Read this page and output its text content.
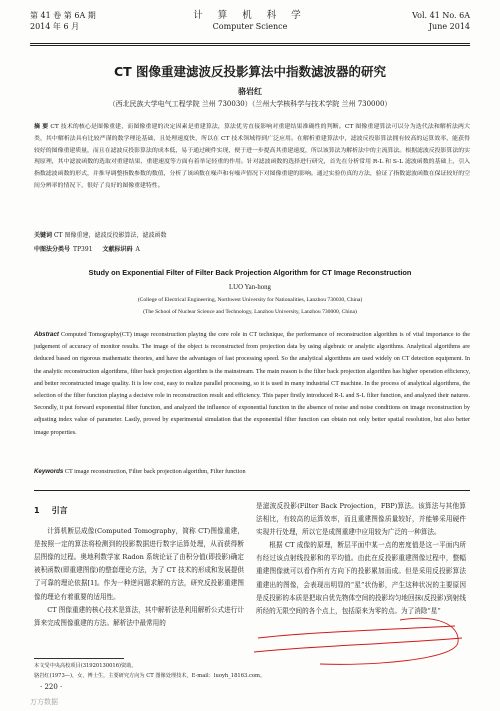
第 41 卷 第 6A 期
2014 年 6 月
计 算 机 科 学
Computer Science
Vol. 41 No. 6A
June 2014
CT 图像重建滤波反投影算法中指数滤波器的研究
骆岩红
（西北民族大学电气工程学院 兰州 730030）（兰州大学核科学与技术学院 兰州 730000）
摘 要 CT 技术的核心是图像重建，而图像重建的决定因素是重建算法，算法优劣直接影响对重建结果准确性的判断。CT 图像重建算法可以分为迭代法和解析法两大类，其中解析法具有比较严谨的数学理论基础，且处理速度快，所以在 CT 技术领域得到广泛应用。在解析重建算法中，滤波反投影算法拥有较高的运算效率，能获得较好的图像重建质量，而且在滤波反投影算法的成本低，易于通过硬件实现，便于进一步提高其重建速度，所以该算法为解析法中的主流算法。根据滤波反投影算法的实现原理，其中滤波函数的选取对重建结果、重建速度等方面有着举足轻重的作用。针对滤波函数的选择进行研究，首先在分析常用 R-L 和 S-L 滤波函数的基础上，引入指数滤波函数的形式，并推导调整指数参数的数值，分析了该函数在噪声和有噪声情况下对图像重建的影响。通过实验仿真的方法，验证了指数滤波函数在保证较好的空间分辨率的情况下，很好了良好的图像重建特性。
关键词 CT 图像重建，滤波反投影算法，滤波函数
中图法分类号 TP391 文献标识码 A
Study on Exponential Filter of Filter Back Projection Algorithm for CT Image Reconstruction
LUO Yan-hong
(College of Electrical Engineering, Northwest University for Nationalities, Lanzhou 730030, China)
(The School of Nuclear Science and Technology, Lanzhou University, Lanzhou 730000, China)
Abstract Computed Tomography(CT) image reconstruction playing the core role in CT technique, the performance of reconstruction algorithm is of vital importance to the judgement of accuracy of monitor results. The image of the object is reconstructed from projection data by using algebraic or analytic algorithms. Analytical algorithms are deduced based on rigorous mathematic theories, and have the advantages of fast processing speed. So the analytical algorithms are used widely on CT detection equipment. In the analytic reconstruction algorithms, filter back projection algorithm is the mainstream. The main reason is the filter back projection algorithm has higher operation efficiency, and better reconstructed image quality. It is low cost, easy to realize parallel processing, so it is used in many industrial CT machine. In the process of analytical algorithms, the selection of the filter function playing a decisive role in reconstruction result and efficiency. This paper firstly introduced R-L and S-L filter function, and analyzed their natures. Secondly, it put forward exponential filter function, and analyzed the influence of exponential function in the absence of noise and noise conditions on image reconstruction by adjusting index value of parameter. Lastly, proved by experimental simulation that the exponential filter function can obtain not only better spatial resolution, but also better image properties.
Keywords CT image reconstruction, Filter back projection algorithm, Filter function
1 引言

计算机断层成像(Computed Tomography，简称 CT)图像重建，是按照一定的算法将检测到的投影数据进行数字运算处理，从而获得断层图像的过程。奥地利数学家 Radon 系统论证了由积分值(即投影)确定被积函数(即重建图像)的整套理论方法，为了 CT 技术的形成和发展提供了可靠的理论依据[1]。作为一种逆问题求解的方法，研究反投影重建图像的理论有着重要的适用性。

CT 图像重建的核心技术是算法，其中解析法是利用解析公式进行计算来完成图像重建的方法。解析法中最常用的

是滤波反投影(Filter Back Projection，FBP)算法。该算法与其他算法相比，有较高的运算效率，而且重建图像质量较好，并能够采用硬件实现并行处理，所以它是成图重建中应用较为广泛的一种算法。

根据 CT 成像的原理，断层平面中某一点的密度值是这一平面内所有经过该点射线投影和的平均值。由此在反投影重建图像过程中，整幅重建图像就可以看作所有方向下的投影累加而成。但是采用反投影算法重建出的图像，会表现出明显的“星”状伪影，产生这种状况的主要原因是反投影的本质是把取自优先物体空间的投影均匀地回抹(反投影)到射线所经的无限空间的各个点上，包括原来为零的点。为了消除“星”

本文受中央高校项目(31920130016)资助。
骆岩红(1973—)，女，博士生，主要研究方向为 CT 图像处理技术，E-mail：luoyh_18163.com。
· 220 ·
万方数据
